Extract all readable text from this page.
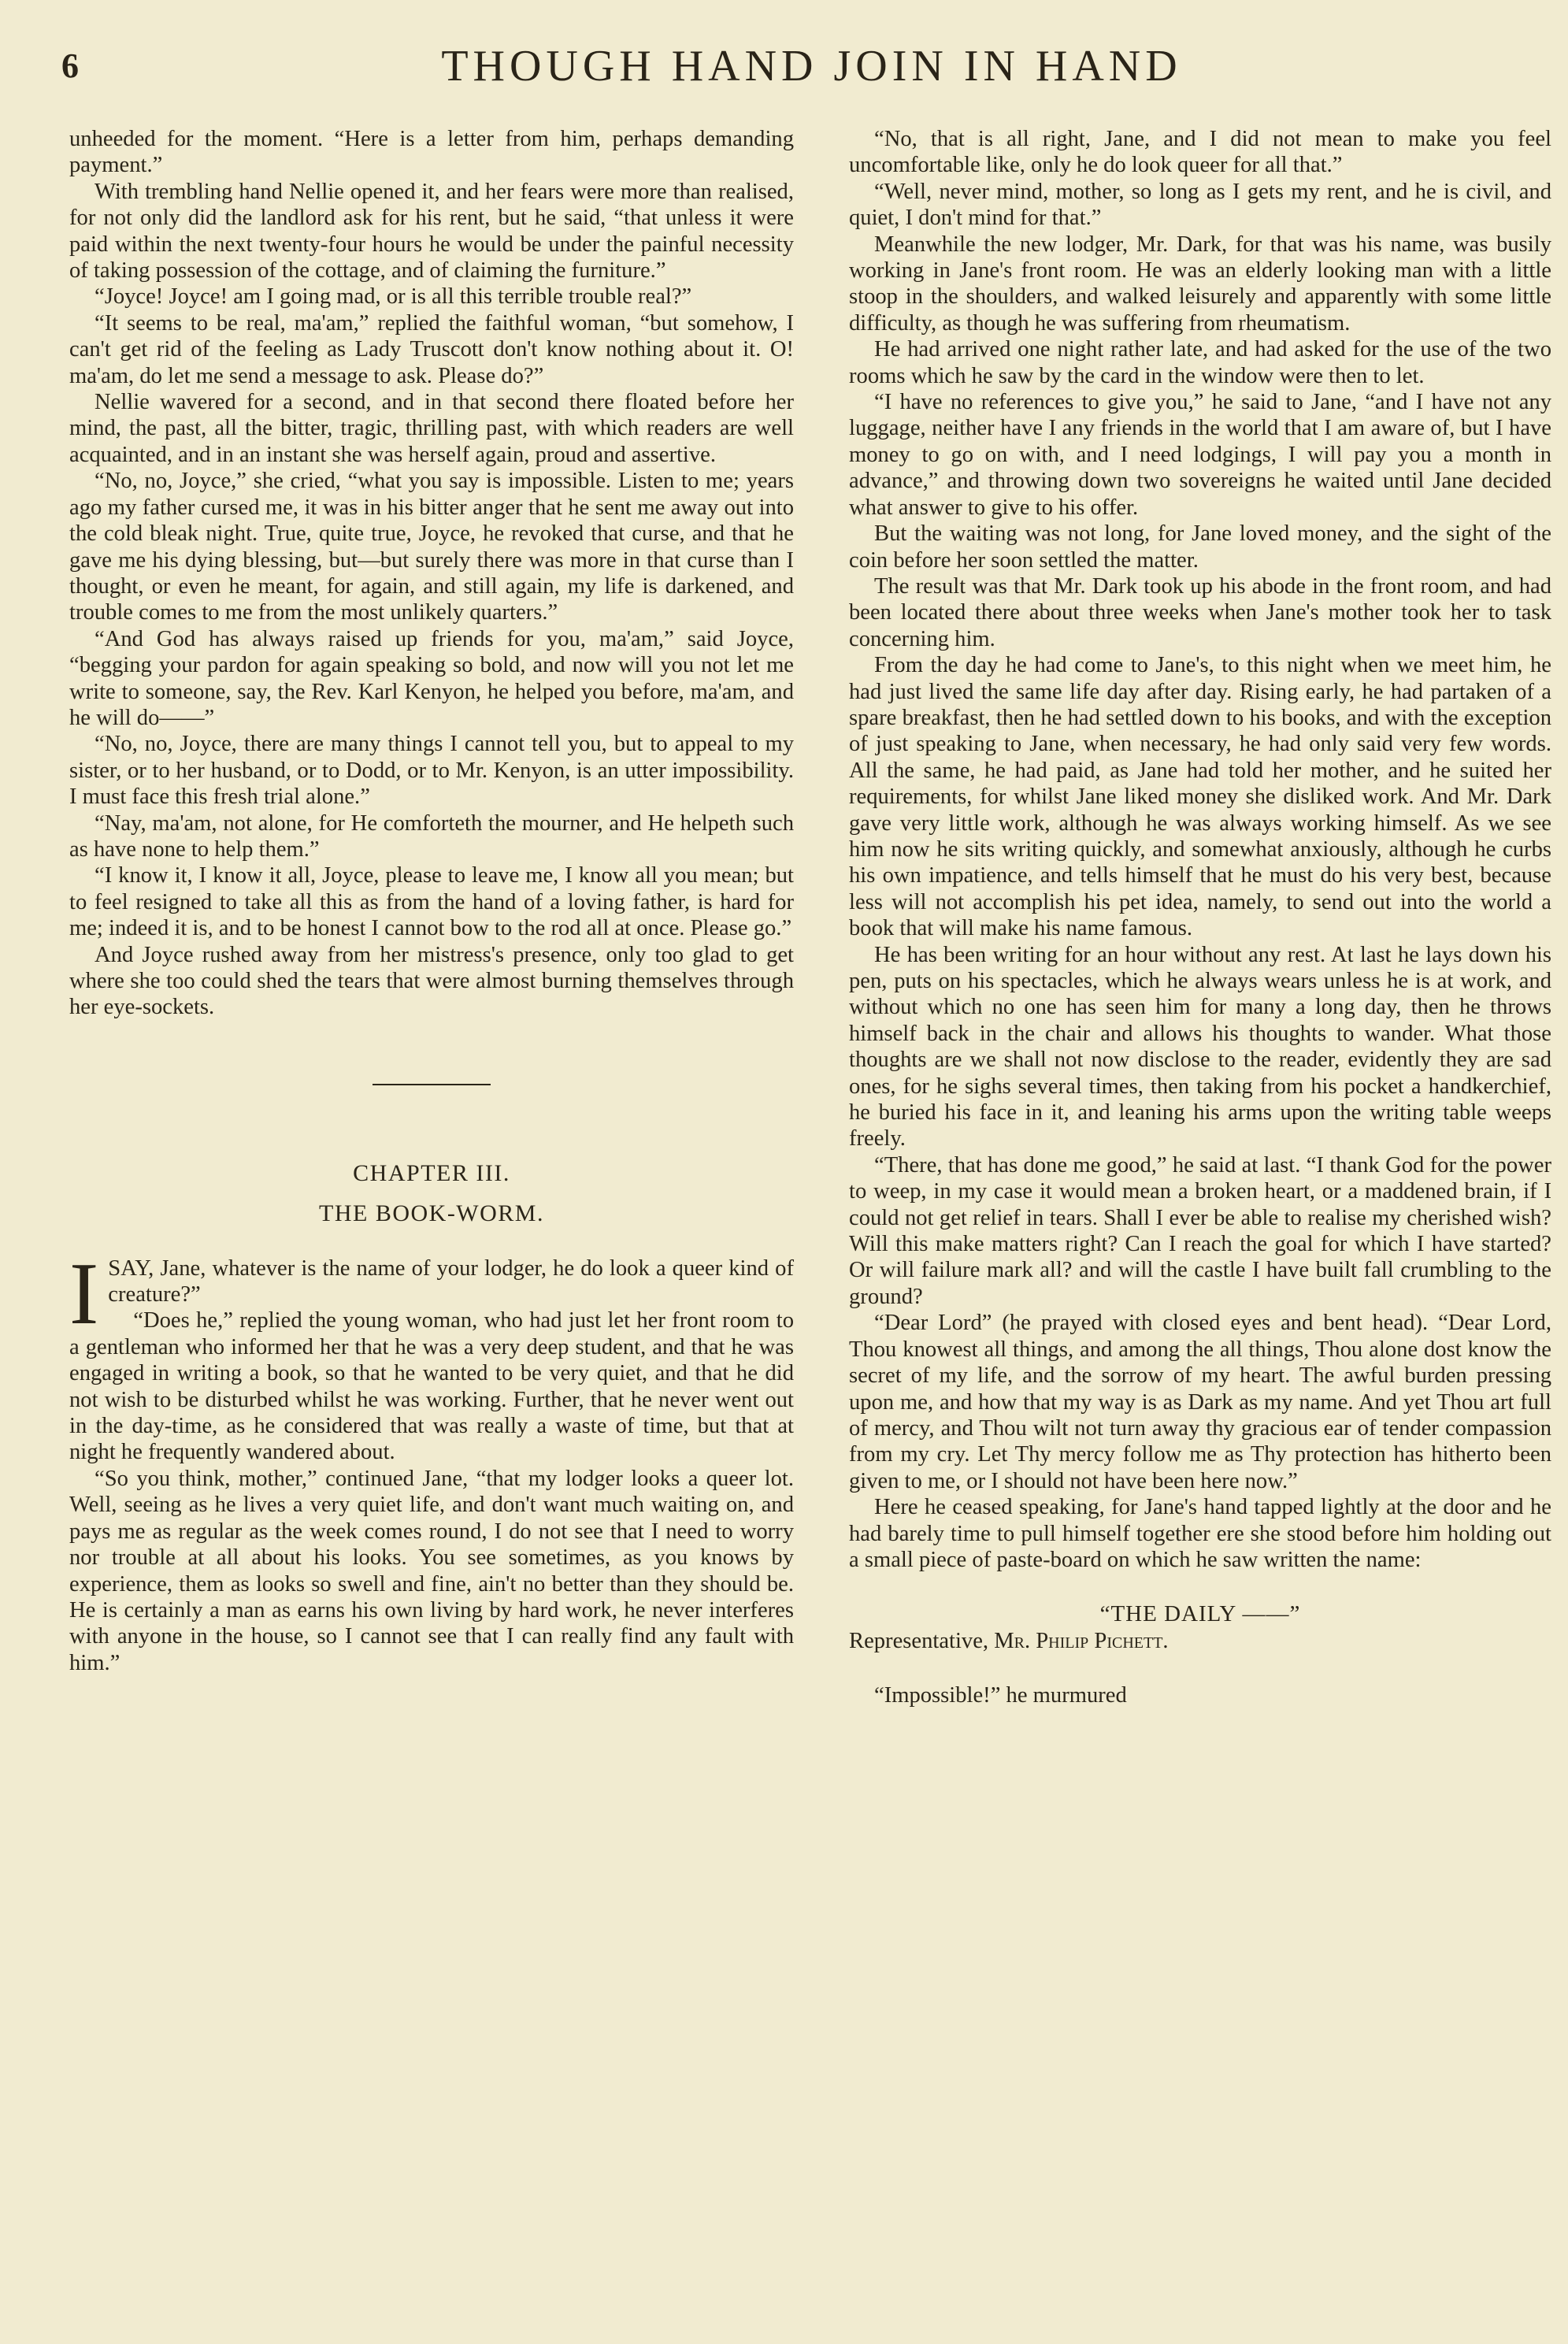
6	THOUGH HAND JOIN IN HAND

unheeded for the moment. “Here is a letter from him, perhaps demanding payment.”

With trembling hand Nellie opened it, and her fears were more than realised, for not only did the landlord ask for his rent, but he said, “that unless it were paid within the next twenty-four hours he would be under the painful necessity of taking possession of the cottage, and of claiming the furniture.”

“Joyce! Joyce! am I going mad, or is all this terrible trouble real?”

“It seems to be real, ma'am,” replied the faithful woman, “but somehow, I can't get rid of the feeling as Lady Truscott don't know nothing about it. O! ma'am, do let me send a message to ask. Please do?”

Nellie wavered for a second, and in that second there floated before her mind, the past, all the bitter, tragic, thrilling past, with which readers are well acquainted, and in an instant she was herself again, proud and assertive.

“No, no, Joyce,” she cried, “what you say is impossible. Listen to me; years ago my father cursed me, it was in his bitter anger that he sent me away out into the cold bleak night. True, quite true, Joyce, he revoked that curse, and that he gave me his dying blessing, but—but surely there was more in that curse than I thought, or even he meant, for again, and still again, my life is darkened, and trouble comes to me from the most unlikely quarters.”

“And God has always raised up friends for you, ma'am,” said Joyce, “begging your pardon for again speaking so bold, and now will you not let me write to someone, say, the Rev. Karl Kenyon, he helped you before, ma'am, and he will do——”

“No, no, Joyce, there are many things I cannot tell you, but to appeal to my sister, or to her husband, or to Dodd, or to Mr. Kenyon, is an utter impossibility. I must face this fresh trial alone.”

“Nay, ma'am, not alone, for He comforteth the mourner, and He helpeth such as have none to help them.”

“I know it, I know it all, Joyce, please to leave me, I know all you mean; but to feel resigned to take all this as from the hand of a loving father, is hard for me; indeed it is, and to be honest I cannot bow to the rod all at once. Please go.”

And Joyce rushed away from her mistress's presence, only too glad to get where she too could shed the tears that were almost burning themselves through her eye-sockets.

CHAPTER III.
THE BOOK-WORM.

I SAY, Jane, whatever is the name of your lodger, he do look a queer kind of creature?”

“Does he,” replied the young woman, who had just let her front room to a gentleman who informed her that he was a very deep student, and that he was engaged in writing a book, so that he wanted to be very quiet, and that he did not wish to be disturbed whilst he was working. Further, that he never went out in the day-time, as he considered that was really a waste of time, but that at night he frequently wandered about.

“So you think, mother,” continued Jane, “that my lodger looks a queer lot. Well, seeing as he lives a very quiet life, and don't want much waiting on, and pays me as regular as the week comes round, I do not see that I need to worry nor trouble at all about his looks. You see sometimes, as you knows by experience, them as looks so swell and fine, ain't no better than they should be. He is certainly a man as earns his own living by hard work, he never interferes with anyone in the house, so I cannot see that I can really find any fault with him.”

“No, that is all right, Jane, and I did not mean to make you feel uncomfortable like, only he do look queer for all that.”

“Well, never mind, mother, so long as I gets my rent, and he is civil, and quiet, I don't mind for that.”

Meanwhile the new lodger, Mr. Dark, for that was his name, was busily working in Jane's front room. He was an elderly looking man with a little stoop in the shoulders, and walked leisurely and apparently with some little difficulty, as though he was suffering from rheumatism.

He had arrived one night rather late, and had asked for the use of the two rooms which he saw by the card in the window were then to let.

“I have no references to give you,” he said to Jane, “and I have not any luggage, neither have I any friends in the world that I am aware of, but I have money to go on with, and I need lodgings, I will pay you a month in advance,” and throwing down two sovereigns he waited until Jane decided what answer to give to his offer.

But the waiting was not long, for Jane loved money, and the sight of the coin before her soon settled the matter.

The result was that Mr. Dark took up his abode in the front room, and had been located there about three weeks when Jane's mother took her to task concerning him.

From the day he had come to Jane's, to this night when we meet him, he had just lived the same life day after day. Rising early, he had partaken of a spare breakfast, then he had settled down to his books, and with the exception of just speaking to Jane, when necessary, he had only said very few words. All the same, he had paid, as Jane had told her mother, and he suited her requirements, for whilst Jane liked money she disliked work. And Mr. Dark gave very little work, although he was always working himself. As we see him now he sits writing quickly, and somewhat anxiously, although he curbs his own impatience, and tells himself that he must do his very best, because less will not accomplish his pet idea, namely, to send out into the world a book that will make his name famous.

He has been writing for an hour without any rest. At last he lays down his pen, puts on his spectacles, which he always wears unless he is at work, and without which no one has seen him for many a long day, then he throws himself back in the chair and allows his thoughts to wander. What those thoughts are we shall not now disclose to the reader, evidently they are sad ones, for he sighs several times, then taking from his pocket a handkerchief, he buried his face in it, and leaning his arms upon the writing table weeps freely.

“There, that has done me good,” he said at last. “I thank God for the power to weep, in my case it would mean a broken heart, or a maddened brain, if I could not get relief in tears. Shall I ever be able to realise my cherished wish? Will this make matters right? Can I reach the goal for which I have started? Or will failure mark all? and will the castle I have built fall crumbling to the ground?

“Dear Lord” (he prayed with closed eyes and bent head). “Dear Lord, Thou knowest all things, and among the all things, Thou alone dost know the secret of my life, and the sorrow of my heart. The awful burden pressing upon me, and how that my way is as Dark as my name. And yet Thou art full of mercy, and Thou wilt not turn away thy gracious ear of tender compassion from my cry. Let Thy mercy follow me as Thy protection has hitherto been given to me, or I should not have been here now.”

Here he ceased speaking, for Jane's hand tapped lightly at the door and he had barely time to pull himself together ere she stood before him holding out a small piece of paste-board on which he saw written the name:

“THE DAILY ——”

Representative, Mr. Philip Pichett.

“Impossible!” he murmured
